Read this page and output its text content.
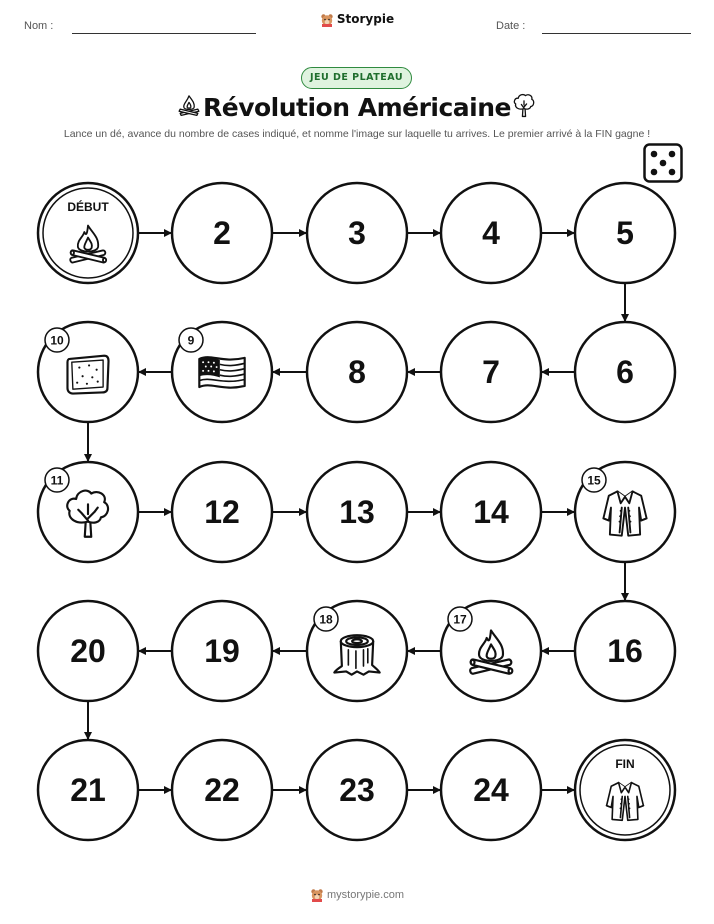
Nom :	Storypie	Date :
JEU DE PLATEAU
Révolution Américaine
Lance un dé, avance du nombre de cases indiqué, et nomme l'image sur laquelle tu arrives. Le premier arrivé à la FIN gagne !
DÉBUT
2	3	4	5
6
7
8
9
10
11
12	13	14
15
16
17
18
19
20
21	22	23	24
FIN
mystorypie.com
